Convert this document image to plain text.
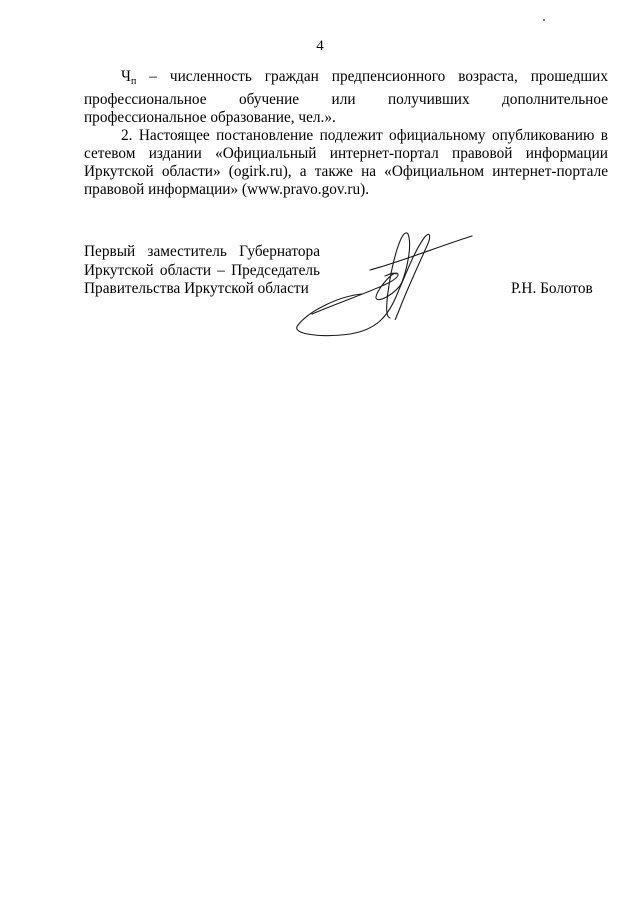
4

$Ч_п$ – численность граждан предпенсионного возраста, прошедших
профессиональное обучение или получивших дополнительное
профессиональное образование, чел.».

2. Настоящее постановление подлежит официальному опубликованию в
сетевом издании «Официальный интернет-портал правовой информации
Иркутской области» (ogirk.ru), а также на «Официальном интернет-портале
правовой информации» (www.pravo.gov.ru).

Первый заместитель Губернатора
Иркутской области – Председатель
Правительства Иркутской области	Р.Н. Болотов
